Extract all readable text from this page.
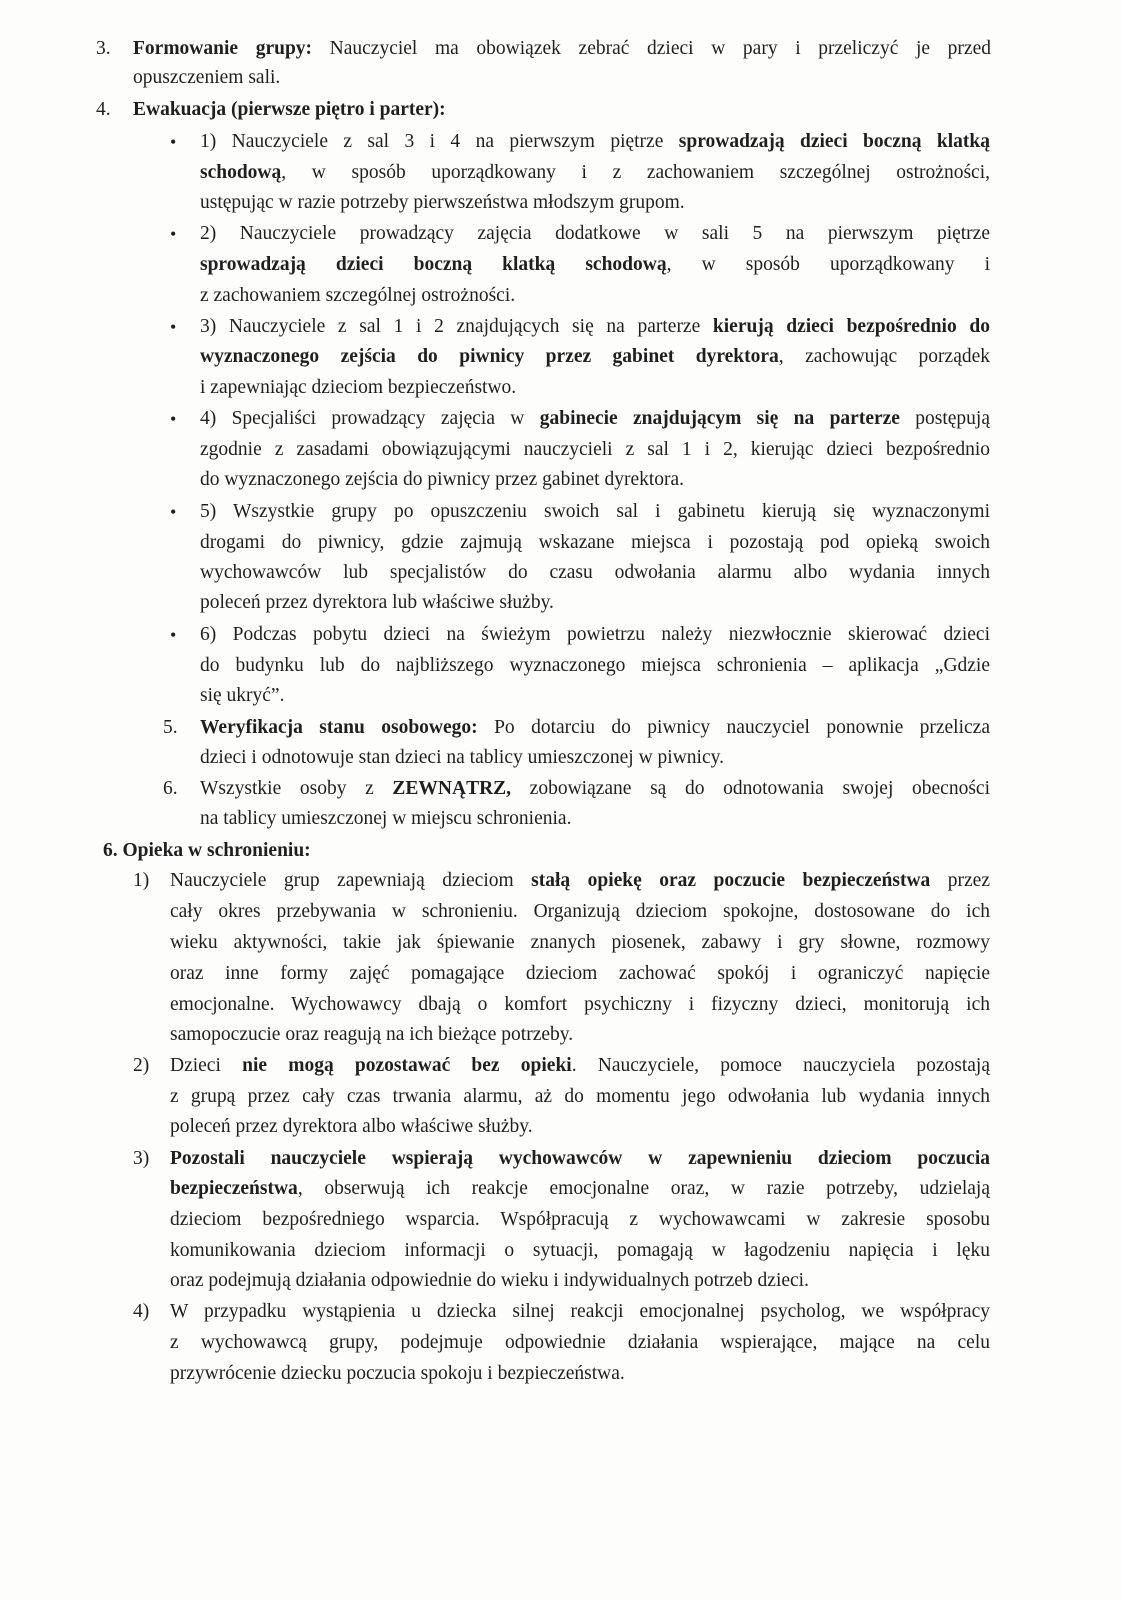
3. Formowanie grupy: Nauczyciel ma obowiązek zebrać dzieci w pary i przeliczyć je przed
opuszczeniem sali.
4. Ewakuacja (pierwsze piętro i parter):
• 1) Nauczyciele z sal 3 i 4 na pierwszym piętrze sprowadzają dzieci boczną klatką
schodową, w sposób uporządkowany i z zachowaniem szczególnej ostrożności,
ustępując w razie potrzeby pierwszeństwa młodszym grupom.
• 2) Nauczyciele prowadzący zajęcia dodatkowe w sali 5 na pierwszym piętrze
sprowadzają dzieci boczną klatką schodową, w sposób uporządkowany i
z zachowaniem szczególnej ostrożności.
• 3) Nauczyciele z sal 1 i 2 znajdujących się na parterze kierują dzieci bezpośrednio do
wyznaczonego zejścia do piwnicy przez gabinet dyrektora, zachowując porządek
i zapewniając dzieciom bezpieczeństwo.
• 4) Specjaliści prowadzący zajęcia w gabinecie znajdującym się na parterze postępują
zgodnie z zasadami obowiązującymi nauczycieli z sal 1 i 2, kierując dzieci bezpośrednio
do wyznaczonego zejścia do piwnicy przez gabinet dyrektora.
• 5) Wszystkie grupy po opuszczeniu swoich sal i gabinetu kierują się wyznaczonymi
drogami do piwnicy, gdzie zajmują wskazane miejsca i pozostają pod opieką swoich
wychowawców lub specjalistów do czasu odwołania alarmu albo wydania innych
poleceń przez dyrektora lub właściwe służby.
• 6) Podczas pobytu dzieci na świeżym powietrzu należy niezwłocznie skierować dzieci
do budynku lub do najbliższego wyznaczonego miejsca schronienia – aplikacja „Gdzie
się ukryć”.
5. Weryfikacja stanu osobowego: Po dotarciu do piwnicy nauczyciel ponownie przelicza
dzieci i odnotowuje stan dzieci na tablicy umieszczonej w piwnicy.
6. Wszystkie osoby z ZEWNĄTRZ, zobowiązane są do odnotowania swojej obecności
na tablicy umieszczonej w miejscu schronienia.
6. Opieka w schronieniu:
1) Nauczyciele grup zapewniają dzieciom stałą opiekę oraz poczucie bezpieczeństwa przez
cały okres przebywania w schronieniu. Organizują dzieciom spokojne, dostosowane do ich
wieku aktywności, takie jak śpiewanie znanych piosenek, zabawy i gry słowne, rozmowy
oraz inne formy zajęć pomagające dzieciom zachować spokój i ograniczyć napięcie
emocjonalne. Wychowawcy dbają o komfort psychiczny i fizyczny dzieci, monitorują ich
samopoczucie oraz reagują na ich bieżące potrzeby.
2) Dzieci nie mogą pozostawać bez opieki. Nauczyciele, pomoce nauczyciela pozostają
z grupą przez cały czas trwania alarmu, aż do momentu jego odwołania lub wydania innych
poleceń przez dyrektora albo właściwe służby.
3) Pozostali nauczyciele wspierają wychowawców w zapewnieniu dzieciom poczucia
bezpieczeństwa, obserwują ich reakcje emocjonalne oraz, w razie potrzeby, udzielają
dzieciom bezpośredniego wsparcia. Współpracują z wychowawcami w zakresie sposobu
komunikowania dzieciom informacji o sytuacji, pomagają w łagodzeniu napięcia i lęku
oraz podejmują działania odpowiednie do wieku i indywidualnych potrzeb dzieci.
4) W przypadku wystąpienia u dziecka silnej reakcji emocjonalnej psycholog, we współpracy
z wychowawcą grupy, podejmuje odpowiednie działania wspierające, mające na celu
przywrócenie dziecku poczucia spokoju i bezpieczeństwa.
